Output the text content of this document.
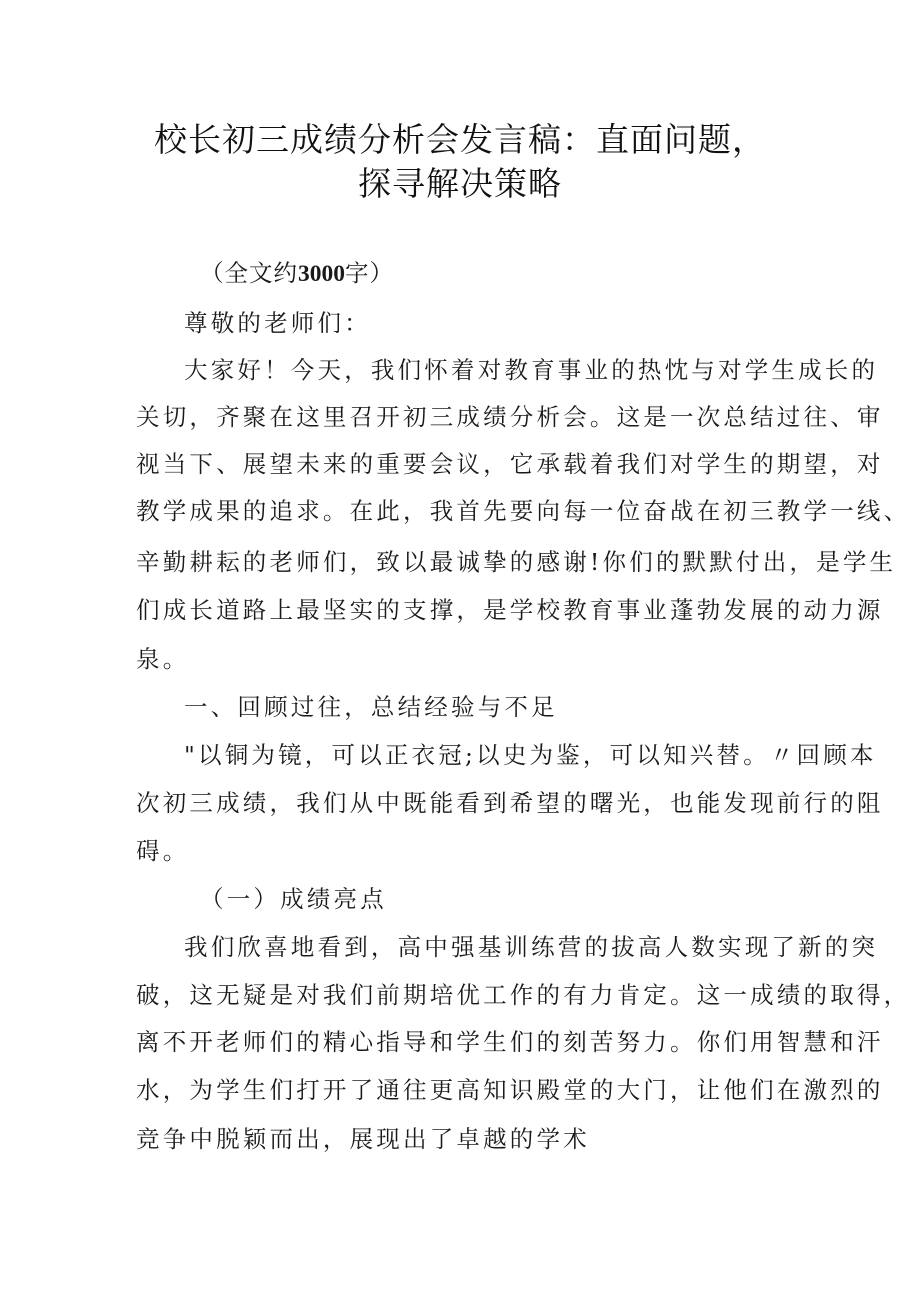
校长初三成绩分析会发言稿：直面问题，
探寻解决策略
（全文约3000字）
尊敬的老师们：
大家好！今天，我们怀着对教育事业的热忱与对学生成长的
关切，齐聚在这里召开初三成绩分析会。这是一次总结过往、审
视当下、展望未来的重要会议，它承载着我们对学生的期望，对
教学成果的追求。在此，我首先要向每一位奋战在初三教学一线、
辛勤耕耘的老师们，致以最诚挚的感谢!你们的默默付出，是学生
们成长道路上最坚实的支撑，是学校教育事业蓬勃发展的动力源
泉。
一、回顾过往，总结经验与不足
"以铜为镜，可以正衣冠;以史为鉴，可以知兴替。〃回顾本
次初三成绩，我们从中既能看到希望的曙光，也能发现前行的阻
碍。
（一）成绩亮点
我们欣喜地看到，高中强基训练营的拔高人数实现了新的突
破，这无疑是对我们前期培优工作的有力肯定。这一成绩的取得，
离不开老师们的精心指导和学生们的刻苦努力。你们用智慧和汗
水，为学生们打开了通往更高知识殿堂的大门，让他们在激烈的
竞争中脱颖而出，展现出了卓越的学术
